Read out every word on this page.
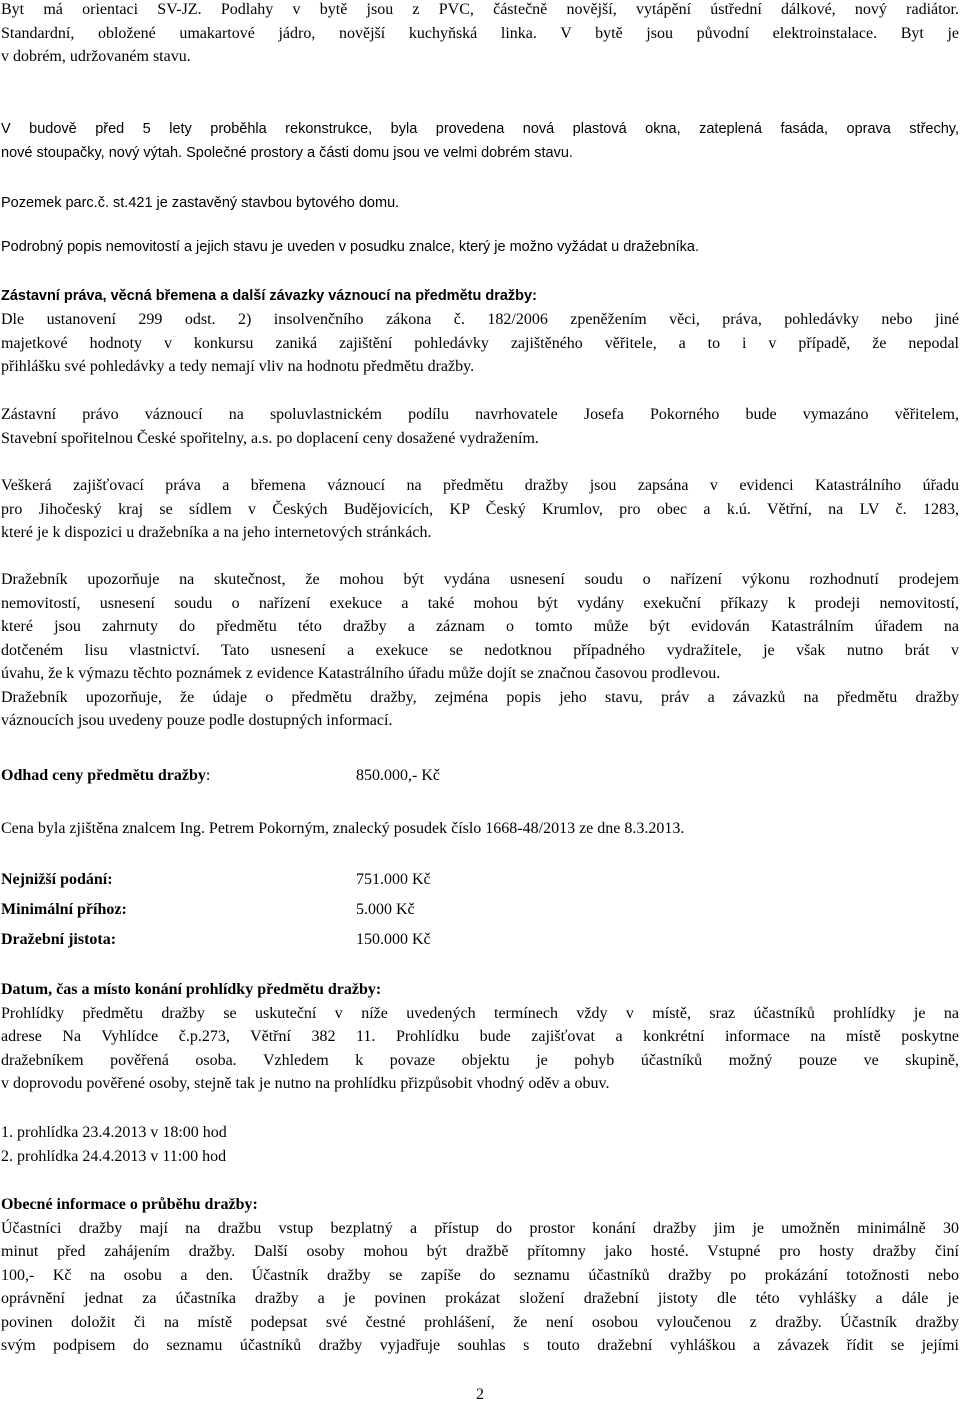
Byt má orientaci SV-JZ. Podlahy v bytě jsou z PVC, částečně novější, vytápění ústřední dálkové, nový radiátor.
Standardní, obložené umakartové jádro, novější kuchyňská linka. V bytě jsou původní elektroinstalace. Byt je
v dobrém, udržovaném stavu.
V budově před 5 lety proběhla rekonstrukce, byla provedena nová plastová okna, zateplená fasáda, oprava střechy,
nové stoupačky, nový výtah. Společné prostory a části domu jsou ve velmi dobrém stavu.
Pozemek parc.č. st.421 je zastavěný stavbou bytového domu.
Podrobný popis nemovitostí a jejich stavu je uveden v posudku znalce, který je možno vyžádat u dražebníka.
Zástavní práva, věcná břemena a další závazky váznoucí na předmětu dražby:
Dle ustanovení 299 odst. 2) insolvenčního zákona č. 182/2006 zpeněžením věci, práva, pohledávky nebo jiné
majetkové hodnoty v konkursu zaniká zajištění pohledávky zajištěného věřitele, a to i v případě, že nepodal
přihlášku své pohledávky a tedy nemají vliv na hodnotu předmětu dražby.
Zástavní právo váznoucí na spoluvlastnickém podílu navrhovatele Josefa Pokorného bude vymazáno věřitelem,
Stavební spořitelnou České spořitelny, a.s. po doplacení ceny dosažené vydražením.
Veškerá zajišťovací práva a břemena váznoucí na předmětu dražby jsou zapsána v evidenci Katastrálního úřadu
pro Jihočeský kraj se sídlem v Českých Budějovicích, KP Český Krumlov, pro obec a k.ú. Větřní, na LV č. 1283,
které je k dispozici u dražebníka a na jeho internetových stránkách.
Dražebník upozorňuje na skutečnost, že mohou být vydána usnesení soudu o nařízení výkonu rozhodnutí prodejem
nemovitostí, usnesení soudu o nařízení exekuce a také mohou být vydány exekuční příkazy k prodeji nemovitostí,
které jsou zahrnuty do předmětu této dražby a záznam o tomto může být evidován Katastrálním úřadem na
dotčeném lisu vlastnictví. Tato usnesení a exekuce se nedotknou případného vydražitele, je však nutno brát v
úvahu, že k výmazu těchto poznámek z evidence Katastrálního úřadu může dojít se značnou časovou prodlevou.
Dražebník upozorňuje, že údaje o předmětu dražby, zejména popis jeho stavu, práv a závazků na předmětu dražby
váznoucích jsou uvedeny pouze podle dostupných informací.
Odhad ceny předmětu dražby:	850.000,- Kč
Cena byla zjištěna znalcem Ing. Petrem Pokorným, znalecký posudek číslo 1668-48/2013 ze dne 8.3.2013.
Nejnižší podání:	751.000 Kč
Minimální příhoz:	5.000 Kč
Dražební jistota:	150.000 Kč
Datum, čas a místo konání prohlídky předmětu dražby:
Prohlídky předmětu dražby se uskuteční v níže uvedených termínech vždy v místě, sraz účastníků prohlídky je na
adrese Na Vyhlídce č.p.273, Větřní 382 11. Prohlídku bude zajišťovat a konkrétní informace na místě poskytne
dražebníkem pověřená osoba. Vzhledem k povaze objektu je pohyb účastníků možný pouze ve skupině,
v doprovodu pověřené osoby, stejně tak je nutno na prohlídku přizpůsobit vhodný oděv a obuv.
1. prohlídka 23.4.2013 v 18:00 hod
2. prohlídka 24.4.2013 v 11:00 hod
Obecné informace o průběhu dražby:
Účastníci dražby mají na dražbu vstup bezplatný a přístup do prostor konání dražby jim je umožněn minimálně 30
minut před zahájením dražby. Další osoby mohou být dražbě přítomny jako hosté. Vstupné pro hosty dražby činí
100,- Kč na osobu a den. Účastník dražby se zapíše do seznamu účastníků dražby po prokázání totožnosti nebo
oprávnění jednat za účastníka dražby a je povinen prokázat složení dražební jistoty dle této vyhlášky a dále je
povinen doložit či na místě podepsat své čestné prohlášení, že není osobou vyloučenou z dražby. Účastník dražby
svým podpisem do seznamu účastníků dražby vyjadřuje souhlas s touto dražební vyhláškou a závazek řídit se jejími
2
